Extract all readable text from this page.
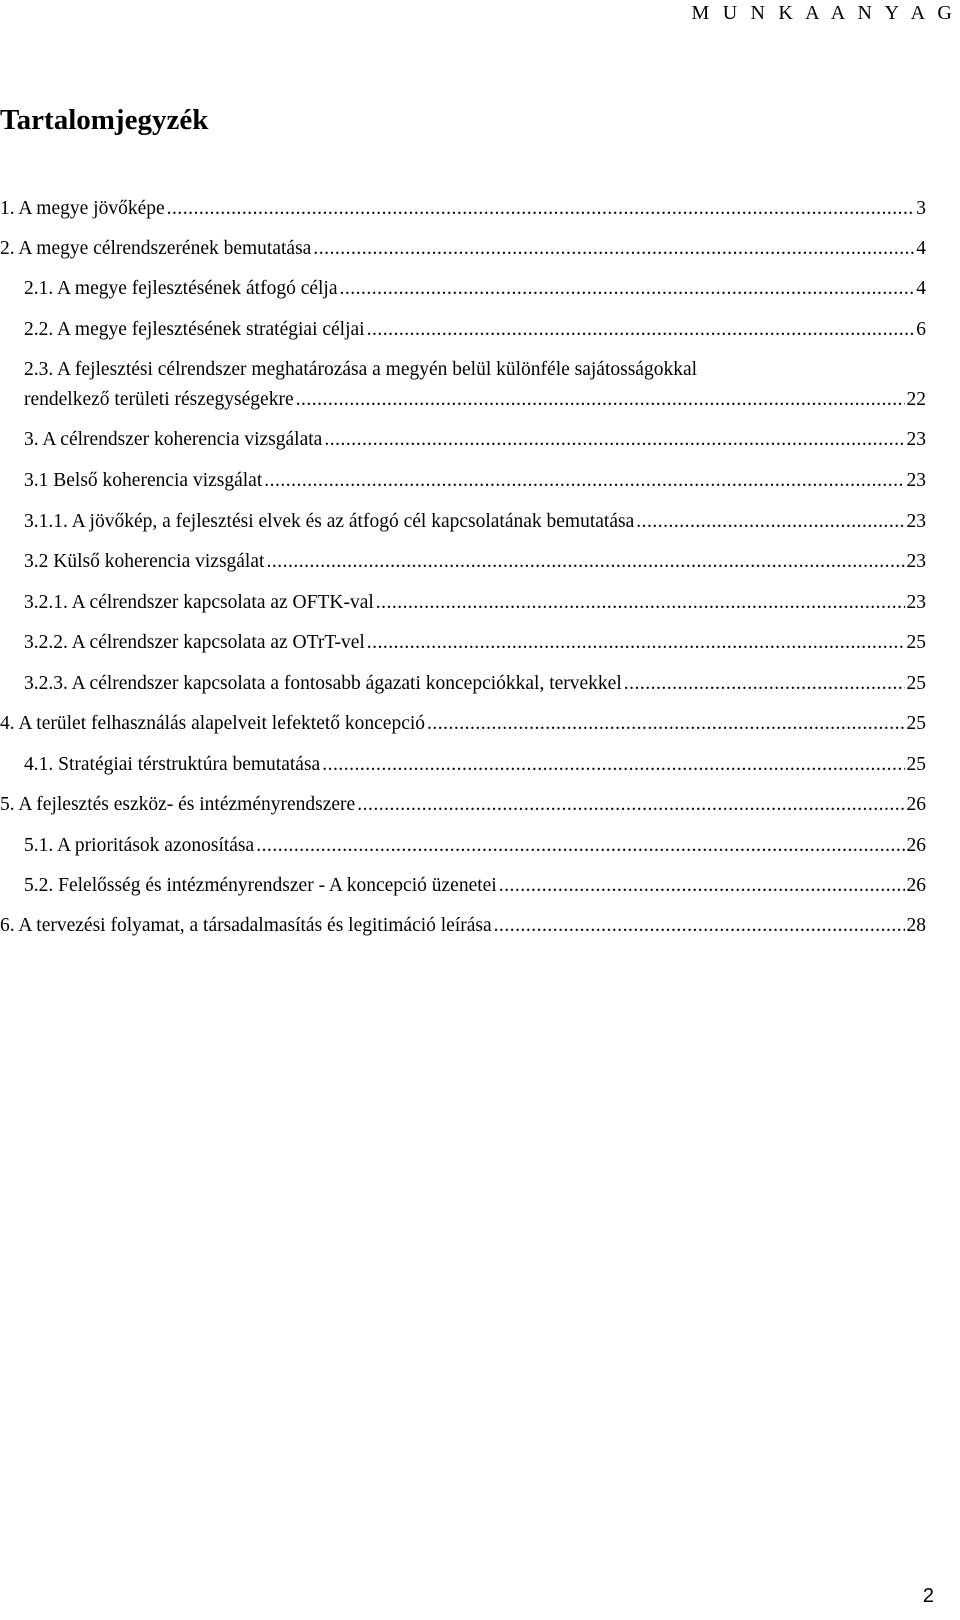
M U N K A A N Y A G
Tartalomjegyzék
1. A megye jövőképe .....	3
2. A megye célrendszerének bemutatása .....	4
2.1. A megye fejlesztésének átfogó célja .....	4
2.2. A megye fejlesztésének stratégiai céljai .....	6
2.3. A fejlesztési célrendszer meghatározása a megyén belül különféle sajátosságokkal
rendelkező területi részegységekre .....	22
3. A célrendszer koherencia vizsgálata .....	23
3.1 Belső koherencia vizsgálat .....	23
3.1.1. A jövőkép, a fejlesztési elvek és az átfogó cél kapcsolatának bemutatása .....	23
3.2 Külső koherencia vizsgálat .....	23
3.2.1. A célrendszer kapcsolata az OFTK-val .....	23
3.2.2. A célrendszer kapcsolata az OTrT-vel .....	25
3.2.3. A célrendszer kapcsolata a fontosabb ágazati koncepciókkal, tervekkel .....	25
4. A terület felhasználás alapelveit lefektető koncepció .....	25
4.1. Stratégiai térstruktúra bemutatása .....	25
5. A fejlesztés eszköz- és intézményrendszere .....	26
5.1. A prioritások azonosítása .....	26
5.2. Felelősség és intézményrendszer - A koncepció üzenetei .....	26
6. A tervezési folyamat, a társadalmasítás és legitimáció leírása .....	28
2
